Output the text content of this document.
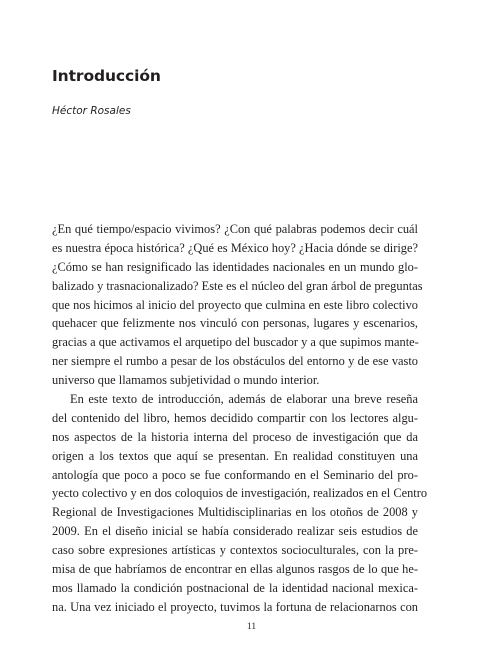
Introducción

Héctor Rosales

¿En qué tiempo/espacio vivimos? ¿Con qué palabras podemos decir cuál
es nuestra época histórica? ¿Qué es México hoy? ¿Hacia dónde se dirige?
¿Cómo se han resignificado las identidades nacionales en un mundo glo-
balizado y trasnacionalizado? Este es el núcleo del gran árbol de preguntas
que nos hicimos al inicio del proyecto que culmina en este libro colectivo
quehacer que felizmente nos vinculó con personas, lugares y escenarios,
gracias a que activamos el arquetipo del buscador y a que supimos mante-
ner siempre el rumbo a pesar de los obstáculos del entorno y de ese vasto
universo que llamamos subjetividad o mundo interior.
En este texto de introducción, además de elaborar una breve reseña
del contenido del libro, hemos decidido compartir con los lectores algu-
nos aspectos de la historia interna del proceso de investigación que da
origen a los textos que aquí se presentan. En realidad constituyen una
antología que poco a poco se fue conformando en el Seminario del pro-
yecto colectivo y en dos coloquios de investigación, realizados en el Centro
Regional de Investigaciones Multidisciplinarias en los otoños de 2008 y
2009. En el diseño inicial se había considerado realizar seis estudios de
caso sobre expresiones artísticas y contextos socioculturales, con la pre-
misa de que habríamos de encontrar en ellas algunos rasgos de lo que he-
mos llamado la condición postnacional de la identidad nacional mexica-
na. Una vez iniciado el proyecto, tuvimos la fortuna de relacionarnos con
11
